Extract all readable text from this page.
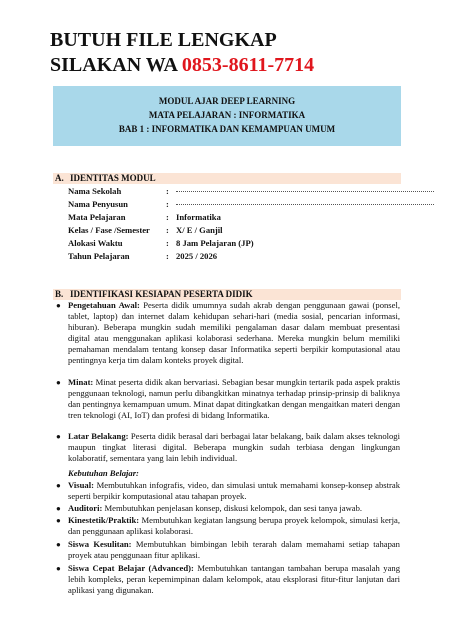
BUTUH FILE LENGKAP
SILAKAN WA 0853-8611-7714
MODUL AJAR DEEP LEARNING
MATA PELAJARAN : INFORMATIKA
BAB 1 : INFORMATIKA DAN KEMAMPUAN UMUM
A. IDENTITAS MODUL
Nama Sekolah	:
Nama Penyusun	:
Mata Pelajaran	: Informatika
Kelas / Fase /Semester : X/ E / Ganjil
Alokasi Waktu	: 8 Jam Pelajaran (JP)
Tahun Pelajaran	: 2025 / 2026
B. IDENTIFIKASI KESIAPAN PESERTA DIDIK
● Pengetahuan Awal: Peserta didik umumnya sudah akrab dengan penggunaan gawai (ponsel, tablet, laptop) dan internet dalam kehidupan sehari-hari (media sosial, pencarian informasi, hiburan). Beberapa mungkin sudah memiliki pengalaman dasar dalam membuat presentasi digital atau menggunakan aplikasi kolaborasi sederhana. Mereka mungkin belum memiliki pemahaman mendalam tentang konsep dasar Informatika seperti berpikir komputasional atau pentingnya kerja tim dalam konteks proyek digital.
● Minat: Minat peserta didik akan bervariasi. Sebagian besar mungkin tertarik pada aspek praktis penggunaan teknologi, namun perlu dibangkitkan minatnya terhadap prinsip-prinsip di baliknya dan pentingnya kemampuan umum. Minat dapat ditingkatkan dengan mengaitkan materi dengan tren teknologi (AI, IoT) dan profesi di bidang Informatika.
● Latar Belakang: Peserta didik berasal dari berbagai latar belakang, baik dalam akses teknologi maupun tingkat literasi digital. Beberapa mungkin sudah terbiasa dengan lingkungan kolaboratif, sementara yang lain lebih individual.
Kebutuhan Belajar:
● Visual: Membutuhkan infografis, video, dan simulasi untuk memahami konsep-konsep abstrak seperti berpikir komputasional atau tahapan proyek.
● Auditori: Membutuhkan penjelasan konsep, diskusi kelompok, dan sesi tanya jawab.
● Kinestetik/Praktik: Membutuhkan kegiatan langsung berupa proyek kelompok, simulasi kerja, dan penggunaan aplikasi kolaborasi.
● Siswa Kesulitan: Membutuhkan bimbingan lebih terarah dalam memahami setiap tahapan proyek atau penggunaan fitur aplikasi.
● Siswa Cepat Belajar (Advanced): Membutuhkan tantangan tambahan berupa masalah yang lebih kompleks, peran kepemimpinan dalam kelompok, atau eksplorasi fitur-fitur lanjutan dari aplikasi yang digunakan.
